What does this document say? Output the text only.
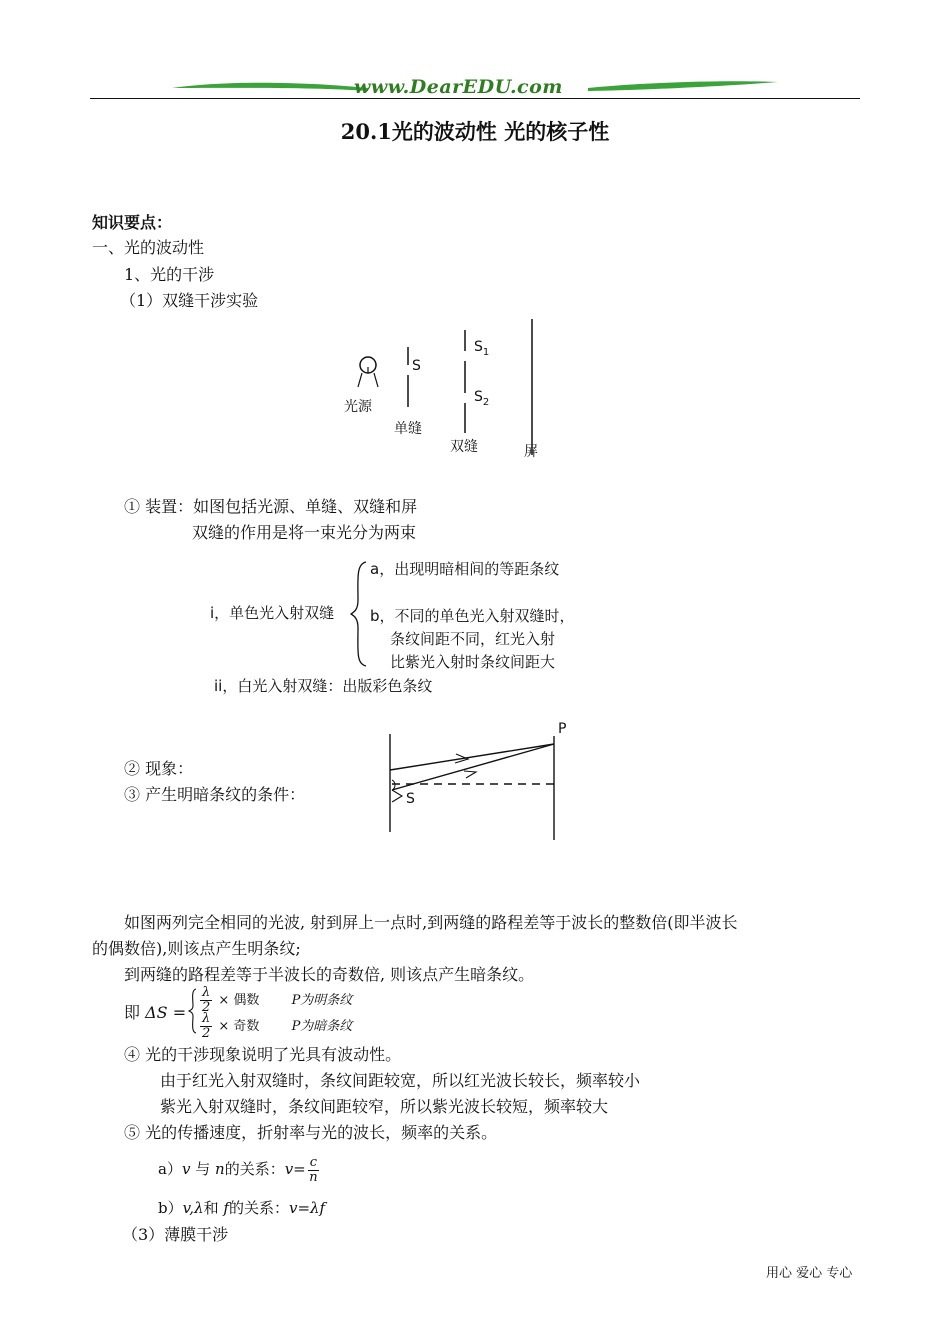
www.DearEDU.com
20.1光的波动性 光的核子性
知识要点：
一、光的波动性
1、光的干涉
（1）双缝干涉实验
光源
S
单缝
$S_1$
$S_2$
双缝	屏
① 装置：如图包括光源、单缝、双缝和屏
双缝的作用是将一束光分为两束
i，单色光入射双缝
a，出现明暗相间的等距条纹
b，不同的单色光入射双缝时，
条纹间距不同，红光入射
比紫光入射时条纹间距大
ii，白光入射双缝：出版彩色条纹
② 现象：
③ 产生明暗条纹的条件：
P
S
如图两列完全相同的光波, 射到屏上一点时,到两缝的路程差等于波长的整数倍(即半波长
的偶数倍),则该点产生明条纹;
到两缝的路程差等于半波长的奇数倍, 则该点产生暗条纹。
即 $\Delta S = \frac{\lambda}{2}$ × 偶数 P为明条纹
$\frac{\lambda}{2}$ × 奇数 P为暗条纹
④ 光的干涉现象说明了光具有波动性。
由于红光入射双缝时，条纹间距较宽，所以红光波长较长，频率较小
紫光入射双缝时，条纹间距较窄，所以紫光波长较短，频率较大
⑤ 光的传播速度，折射率与光的波长，频率的关系。
a）v 与 n的关系：$v= \frac{c}{n}$
b）v,λ和 f的关系：v=λf
（3）薄膜干涉
用心 爱心 专心
